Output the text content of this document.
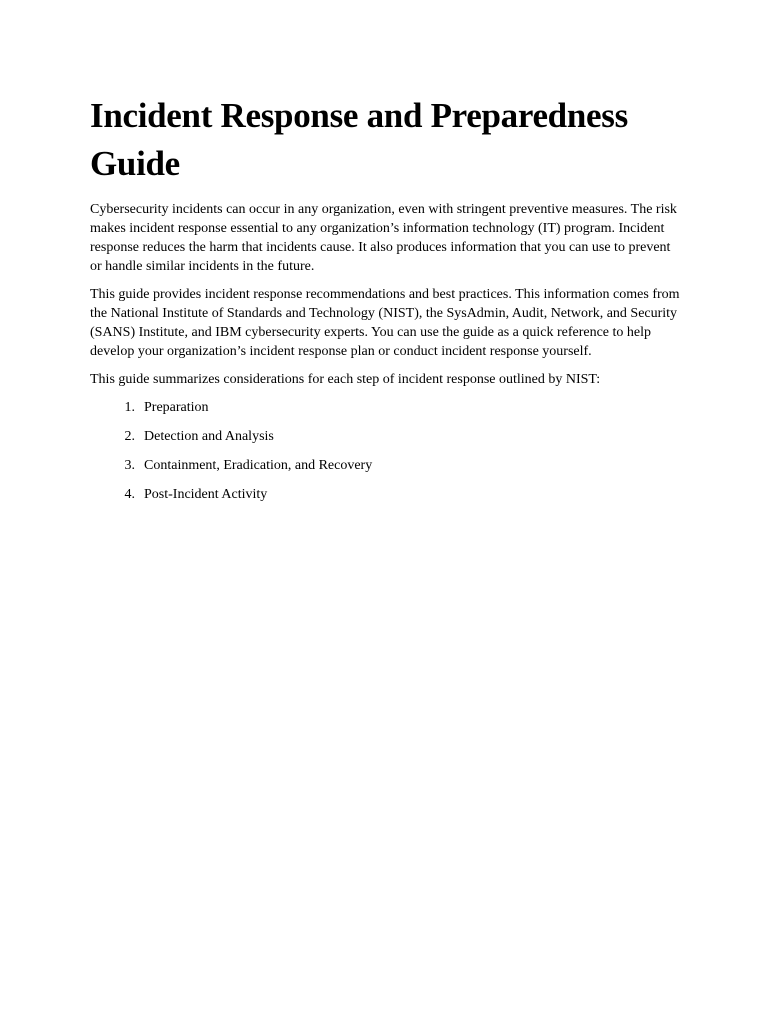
Incident Response and Preparedness Guide

Cybersecurity incidents can occur in any organization, even with stringent preventive measures. The risk makes incident response essential to any organization’s information technology (IT) program. Incident response reduces the harm that incidents cause. It also produces information that you can use to prevent or handle similar incidents in the future.

This guide provides incident response recommendations and best practices. This information comes from the National Institute of Standards and Technology (NIST), the SysAdmin, Audit, Network, and Security (SANS) Institute, and IBM cybersecurity experts. You can use the guide as a quick reference to help develop your organization’s incident response plan or conduct incident response yourself.

This guide summarizes considerations for each step of incident response outlined by NIST:

1. Preparation
2. Detection and Analysis
3. Containment, Eradication, and Recovery
4. Post-Incident Activity
